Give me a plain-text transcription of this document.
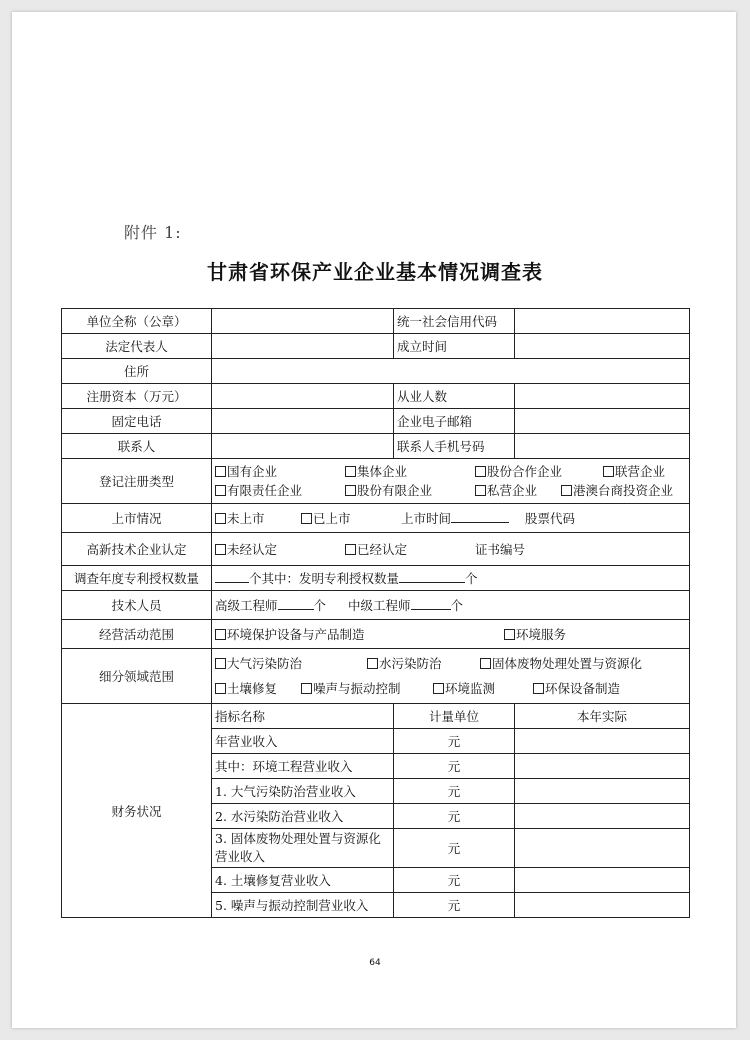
附件 1:
甘肃省环保产业企业基本情况调查表
单位全称（公章）		统一社会信用代码	
法定代表人		成立时间	
住所			
注册资本（万元）		从业人数	
固定电话		企业电子邮箱	
联系人		联系人手机号码	
登记注册类型	国有企业 集体企业 股份合作企业 联营企业
有限责任企业 股份有限企业 私营企业 港澳台商投资企业		

上市情况	未上市 已上市 上市时间 股票代码		
高新技术企业认定	未经认定 已经认定 证书编号		
调查年度专利授权数量	个其中：发明专利授权数量 个		
技术人员	高级工程师 个 中级工程师 个		
经营活动范围	环境保护设备与产品制造 环境服务		
细分领域范围	大气污染防治 水污染防治 固体废物处理处置与资源化
土壤修复 噪声与振动控制 环境监测 环保设备制造		

财务状况	指标名称	计量单位	本年实际
	年营业收入	元	
	其中：环境工程营业收入	元	
	1. 大气污染防治营业收入	元	
	2. 水污染防治营业收入	元	
	3. 固体废物处理处置与资源化营业收入	元	
	4. 土壤修复营业收入	元	
	5. 噪声与振动控制营业收入	元	
64
